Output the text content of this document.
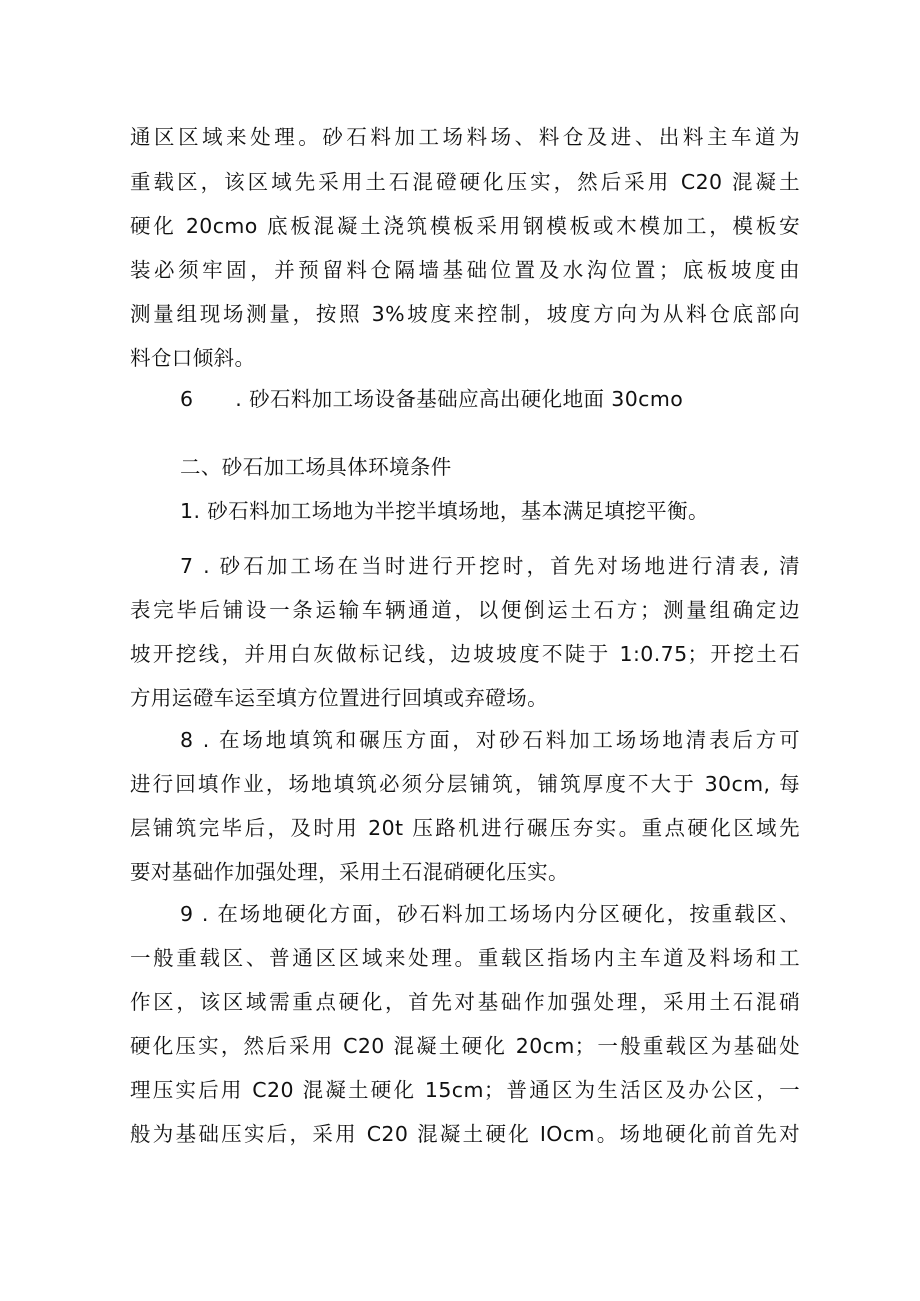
通区区域来处理。砂石料加工场料场、料仓及进、出料主车道为
重载区，该区域先采用土石混磴硬化压实，然后采用 C20 混凝土
硬化 20cmo 底板混凝土浇筑模板采用钢模板或木模加工，模板安
装必须牢固，并预留料仓隔墙基础位置及水沟位置；底板坡度由
测量组现场测量，按照 3%坡度来控制，坡度方向为从料仓底部向
料仓口倾斜。
6　　. 砂石料加工场设备基础应高出硬化地面 30cmo
二、砂石加工场具体环境条件
1. 砂石料加工场地为半挖半填场地，基本满足填挖平衡。
7 . 砂石加工场在当时进行开挖时，首先对场地进行清表, 清
表完毕后铺设一条运输车辆通道，以便倒运土石方；测量组确定边
坡开挖线，并用白灰做标记线，边坡坡度不陡于 1:0.75；开挖土石
方用运磴车运至填方位置进行回填或弃磴场。
8 . 在场地填筑和碾压方面，对砂石料加工场场地清表后方可
进行回填作业，场地填筑必须分层铺筑，铺筑厚度不大于 30cm, 每
层铺筑完毕后，及时用 20t 压路机进行碾压夯实。重点硬化区域先
要对基础作加强处理，采用土石混硝硬化压实。
9 . 在场地硬化方面，砂石料加工场场内分区硬化，按重载区、
一般重载区、普通区区域来处理。重载区指场内主车道及料场和工
作区，该区域需重点硬化，首先对基础作加强处理，采用土石混硝
硬化压实，然后采用 C20 混凝土硬化 20cm；一般重载区为基础处
理压实后用 C20 混凝土硬化 15cm；普通区为生活区及办公区，一
般为基础压实后，采用 C20 混凝土硬化 IOcm。场地硬化前首先对
